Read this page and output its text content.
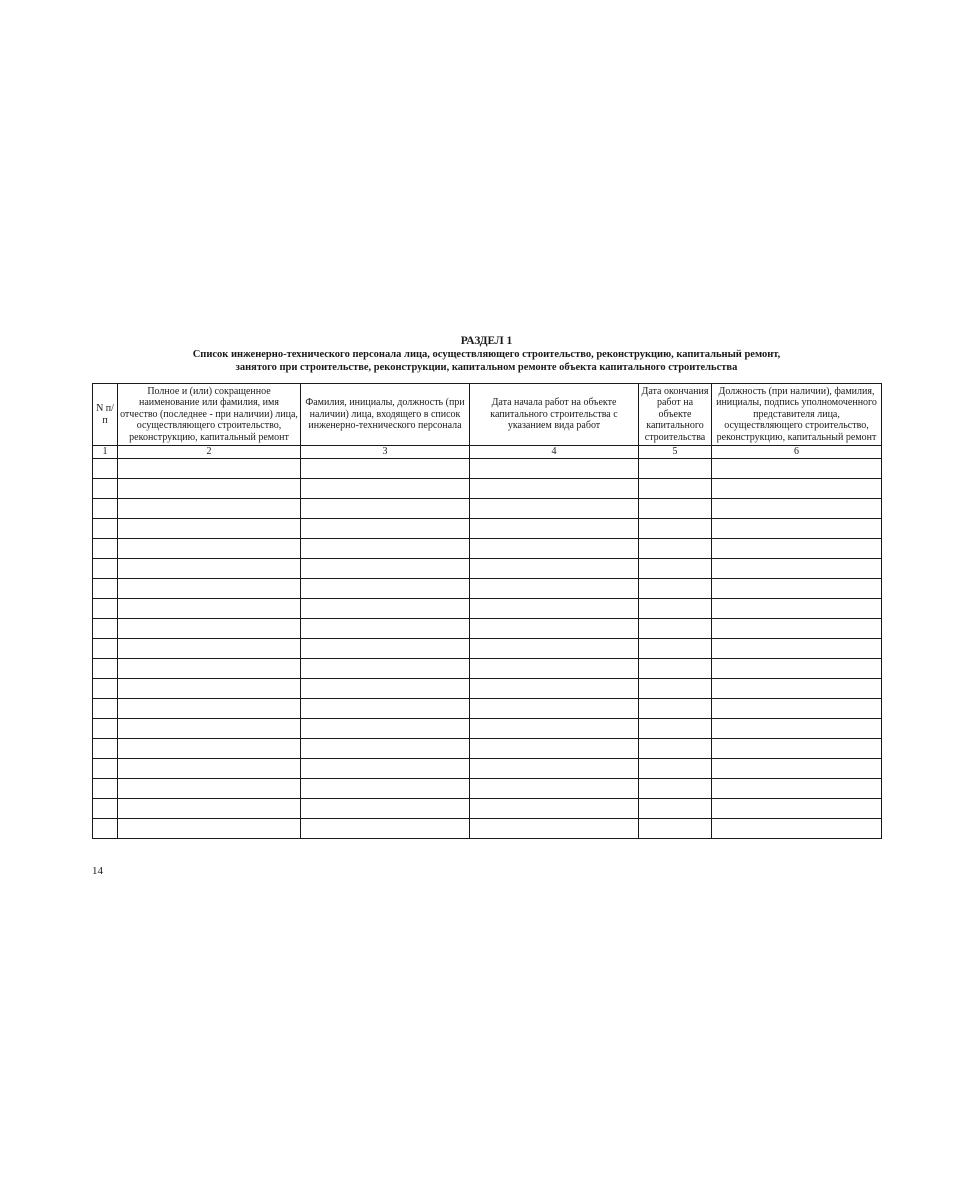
РАЗДЕЛ 1
Список инженерно-технического персонала лица, осуществляющего строительство, реконструкцию, капитальный ремонт,
занятого при строительстве, реконструкции, капитальном ремонте объекта капитального строительства
N п/п	Полное и (или) сокращенное наименование или фамилия, имя отчество (последнее - при наличии) лица, осуществляющего строительство, реконструкцию, капитальный ремонт	Фамилия, инициалы, должность (при наличии) лица, входящего в список инженерно-технического персонала	Дата начала работ на объекте капитального строительства с указанием вида работ	Дата окончания работ на объекте капитального строительства	Должность (при наличии), фамилия, инициалы, подпись уполномоченного представителя лица, осуществляющего строительство, реконструкцию, капитальный ремонт
1	2	3	4	5	6

14
